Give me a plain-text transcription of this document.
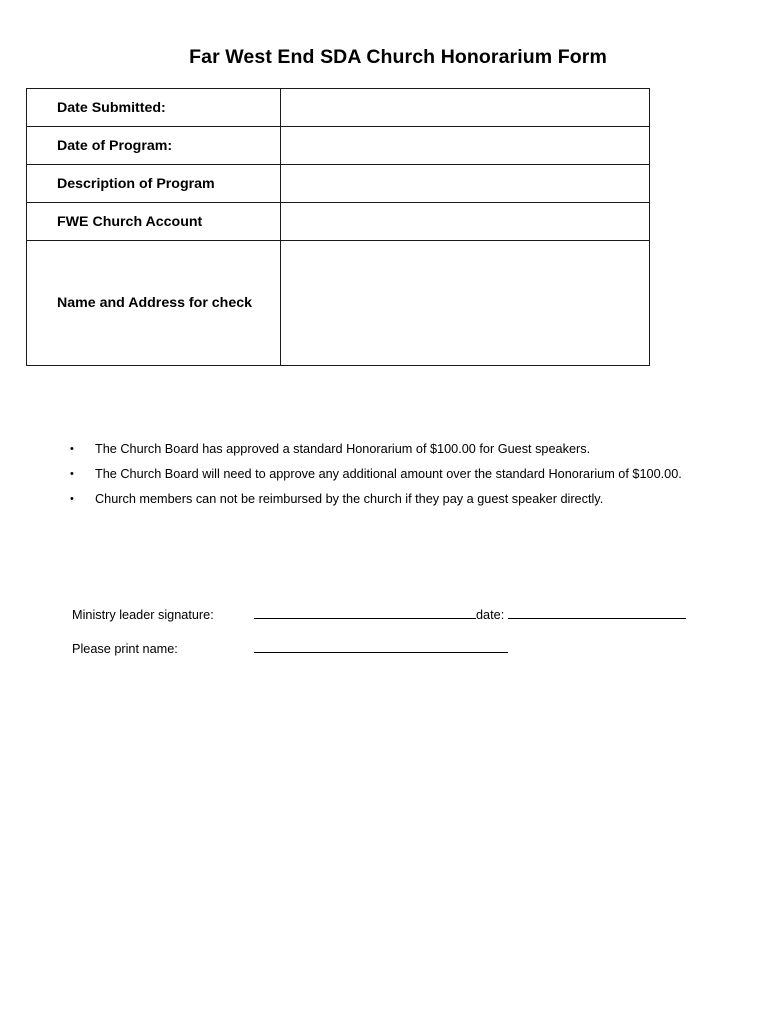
Far West End SDA Church Honorarium Form
Date Submitted:	
Date of Program:	
Description of Program	
FWE Church Account	
Name and Address for check	
• The Church Board has approved a standard Honorarium of $100.00 for Guest speakers.
• The Church Board will need to approve any additional amount over the standard Honorarium of $100.00.
• Church members can not be reimbursed by the church if they pay a guest speaker directly.
Ministry leader signature:	date:
Please print name:
